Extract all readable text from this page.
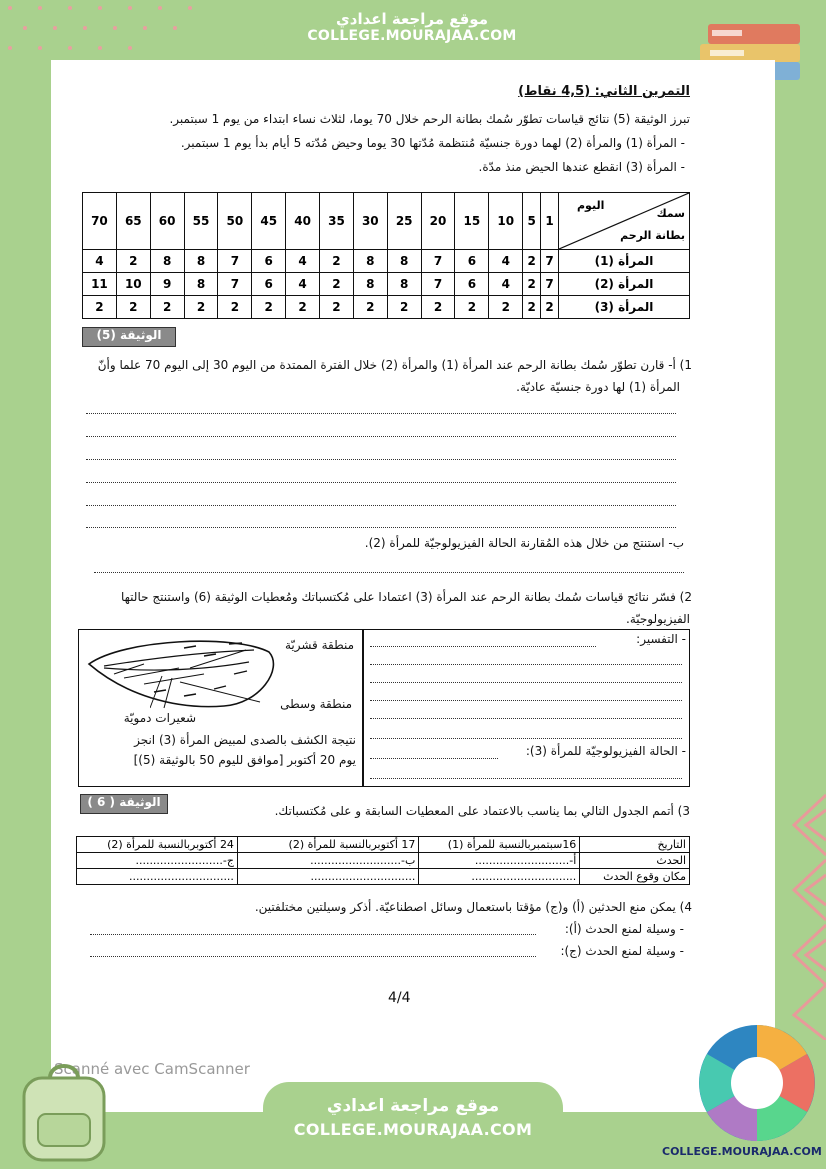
موقع مراجعة اعدادي
COLLEGE.MOURAJAA.COM
التمرين الثاني: (4,5 نقاط)
تبرز الوثيقة (5) نتائج قياسات تطوّر سُمك بطانة الرحم خلال 70 يوما، لثلاث نساء ابتداء من يوم 1 سبتمبر.
- المرأة (1) والمرأة (2) لهما دورة جنسيّة مُنتظمة مُدّتها 30 يوما وحيض مُدّته 5 أيام بدأ يوم 1 سبتمبر.
- المرأة (3) انقطع عندها الحيض منذ مدّة.
70	65	60	55	50	45	40	35	30	25	20	15	10	5	1	اليوم
سمك
بطانة الرحم

4	2	8	8	7	6	4	2	8	8	7	6	4	2	7	المرأة (1)
11	10	9	8	7	6	4	2	8	8	7	6	4	2	7	المرأة (2)
2	2	2	2	2	2	2	2	2	2	2	2	2	2	2	المرأة (3)
الوثيقة (5)
1) أ- قارن تطوّر سُمك بطانة الرحم عند المرأة (1) والمرأة (2) خلال الفترة الممتدة من اليوم 30 إلى اليوم 70 علما وأنّ
المرأة (1) لها دورة جنسيّة عاديّة.
ب- استنتج من خلال هذه المُقارنة الحالة الفيزيولوجيّة للمرأة (2).
2) فسّر نتائج قياسات سُمك بطانة الرحم عند المرأة (3) اعتمادا على مُكتسباتك ومُعطيات الوثيقة (6) واستنتج حالتها
الفيزيولوجيّة.
منطقة قشريّة
منطقة وسطى
شعيرات دمويّة
نتيجة الكشف بالصدى لمبيض المرأة (3) انجز
يوم 20 أكتوبر [موافق لليوم 50 بالوثيقة (5)]
- التفسير:
- الحالة الفيزيولوجيّة للمرأة (3):
الوثيقة ( 6 )
3) أتمم الجدول التالي بما يناسب بالاعتماد على المعطيات السابقة و على مُكتسباتك.
24 أكتوبربالنسبة للمرأة (2)	17 أكتوبربالنسبة للمرأة (2)	16سبتمبربالنسبة للمرأة (1)	التاريخ
ج-.........................	ب-..........................	أ-...........................	الحدث
..............................	..............................	..............................	مكان وقوع الحدث
4) يمكن منع الحدثين (أ) و(ج) مؤقتا باستعمال وسائل اصطناعيّة. أذكر وسيلتين مختلفتين.
- وسيلة لمنع الحدث (أ):
- وسيلة لمنع الحدث (ج):
4/4
Scanné avec CamScanner
COLLEGE.MOURAJAA.COM
موقع مراجعة اعدادي
COLLEGE.MOURAJAA.COM
